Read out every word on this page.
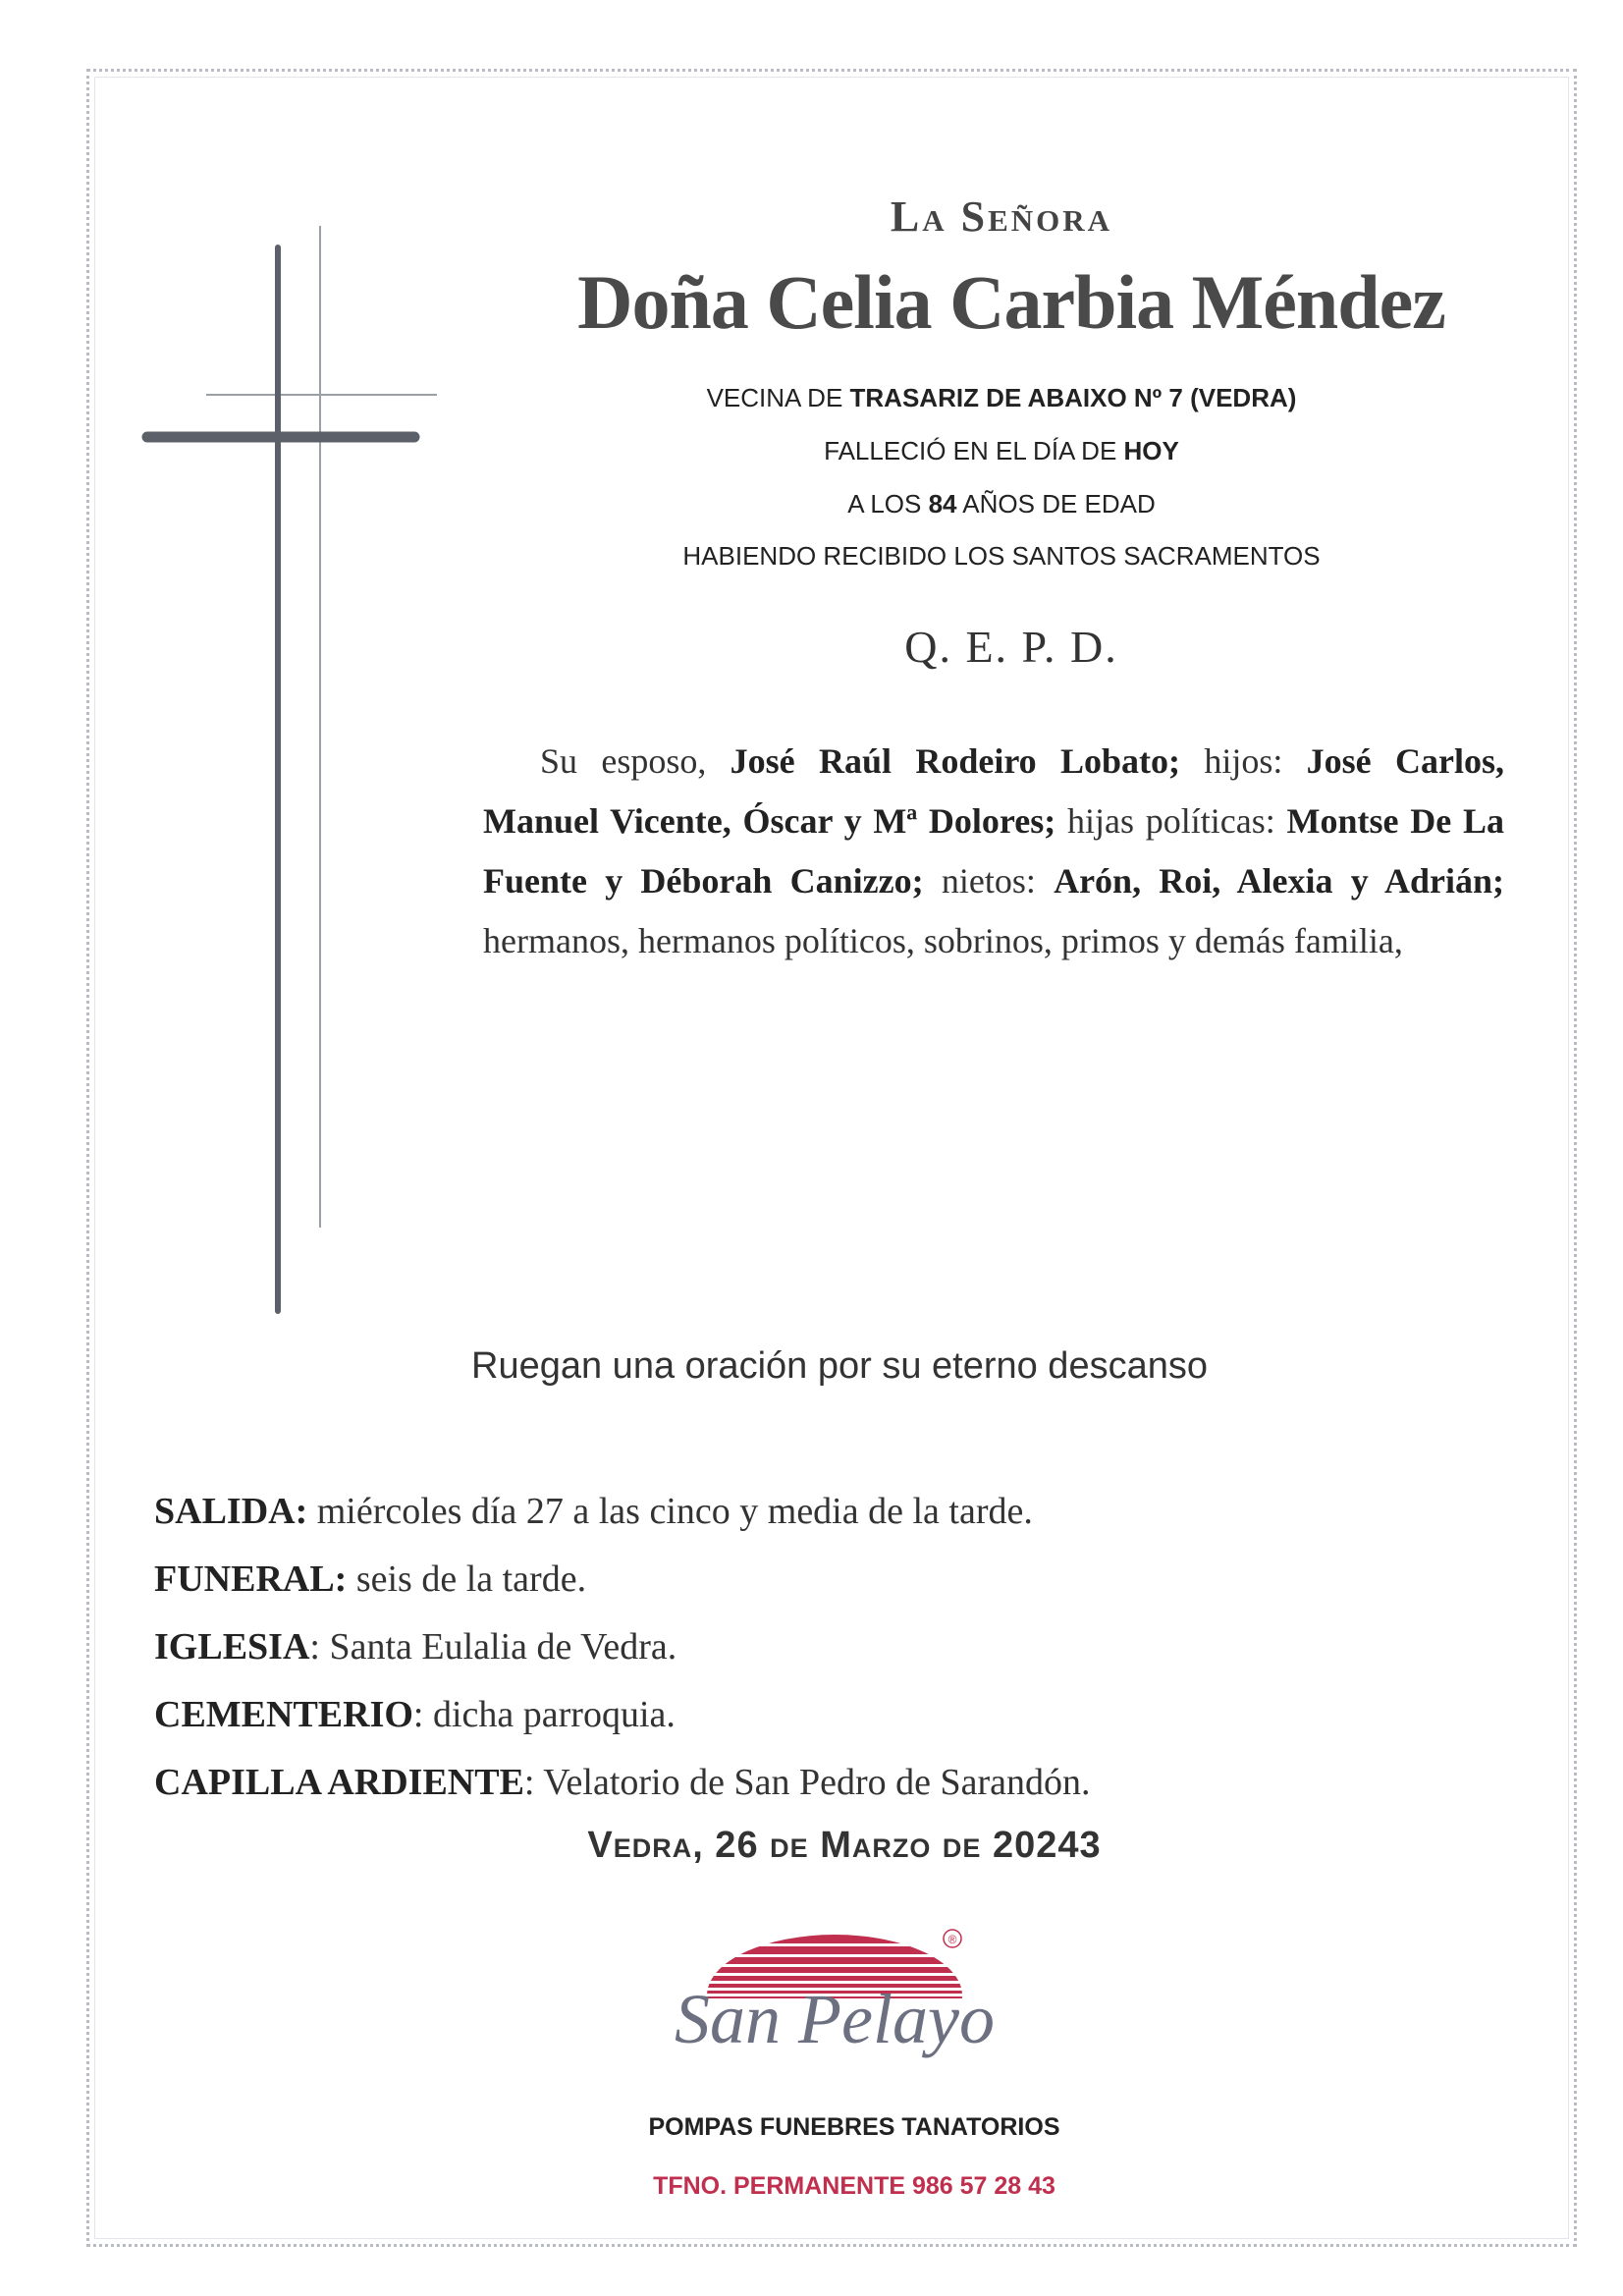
La Señora
Doña Celia Carbia Méndez
VECINA DE TRASARIZ DE ABAIXO Nº 7 (VEDRA)
FALLECIÓ EN EL DÍA DE HOY
A LOS 84 AÑOS DE EDAD
HABIENDO RECIBIDO LOS SANTOS SACRAMENTOS
Q. E. P. D.
Su esposo, José Raúl Rodeiro Lobato; hijos: José Carlos, Manuel Vicente, Óscar y Mª Dolores; hijas políticas: Montse De La Fuente y Déborah Canizzo; nietos: Arón, Roi, Alexia y Adrián; hermanos, hermanos políticos, sobrinos, primos y demás familia,
Ruegan una oración por su eterno descanso
SALIDA: miércoles día 27 a las cinco y media de la tarde.
FUNERAL: seis de la tarde.
IGLESIA: Santa Eulalia de Vedra.
CEMENTERIO: dicha parroquia.
CAPILLA ARDIENTE: Velatorio de San Pedro de Sarandón.
Vedra, 26 de Marzo de 20243
®
San Pelayo
POMPAS FUNEBRES TANATORIOS
TFNO. PERMANENTE 986 57 28 43
